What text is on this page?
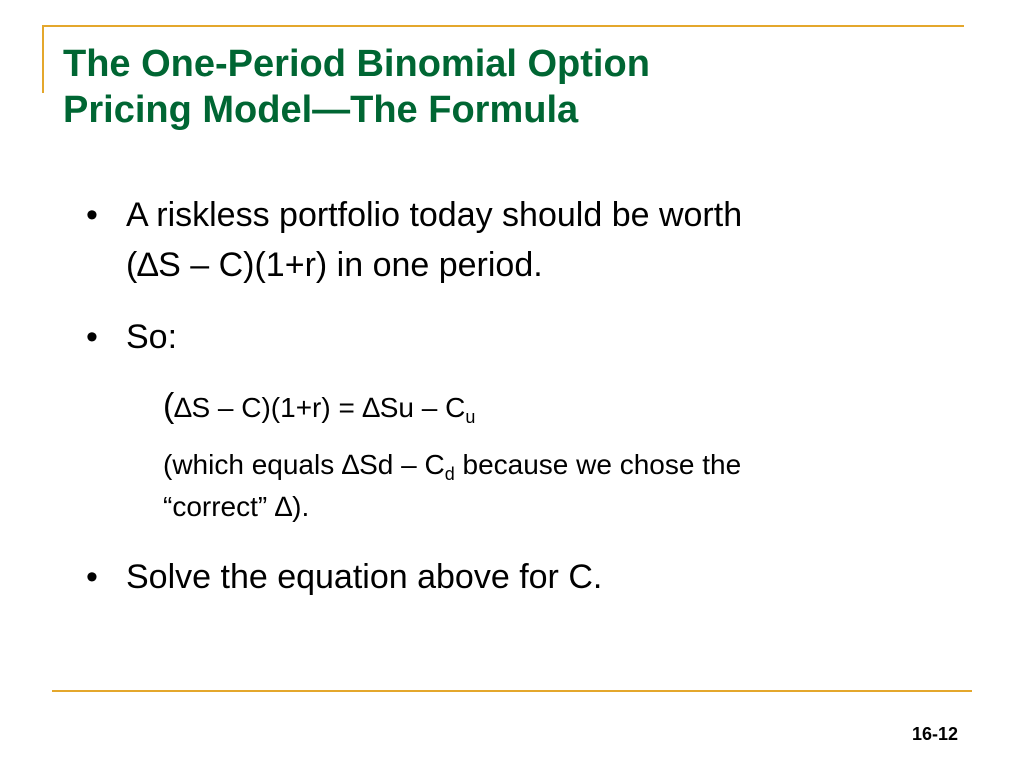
The One-Period Binomial Option
Pricing Model—The Formula
• A riskless portfolio today should be worth
(∆S – C)(1+r) in one period.
• So:
$(\Delta S - C)(1+r) = \Delta Su - C_u$
(which equals $\Delta Sd - C_d$ because we chose the
“correct” ∆).
• Solve the equation above for C.
16-12
